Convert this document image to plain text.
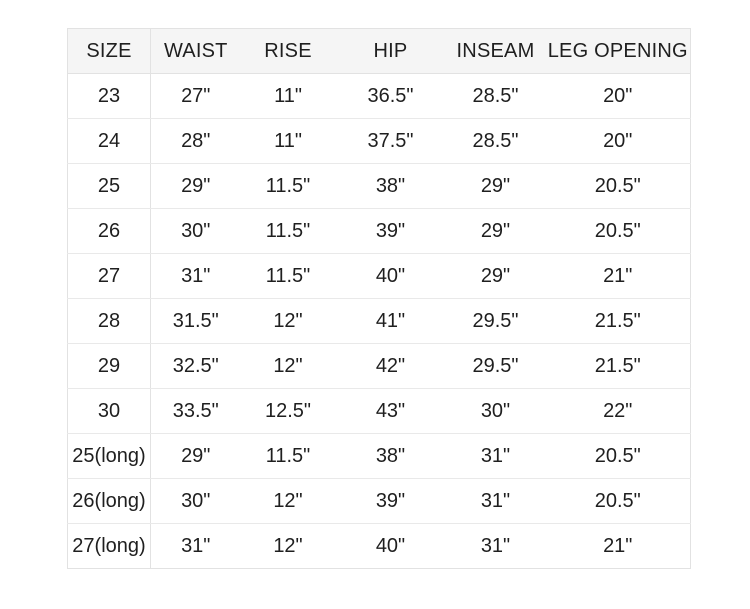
SIZE	WAIST	RISE	HIP	INSEAM	LEG OPENING
23	27"	11"	36.5"	28.5"	20"
24	28"	11"	37.5"	28.5"	20"
25	29"	11.5"	38"	29"	20.5"
26	30"	11.5"	39"	29"	20.5"
27	31"	11.5"	40"	29"	21"
28	31.5"	12"	41"	29.5"	21.5"
29	32.5"	12"	42"	29.5"	21.5"
30	33.5"	12.5"	43"	30"	22"
25(long)	29"	11.5"	38"	31"	20.5"
26(long)	30"	12"	39"	31"	20.5"
27(long)	31"	12"	40"	31"	21"
